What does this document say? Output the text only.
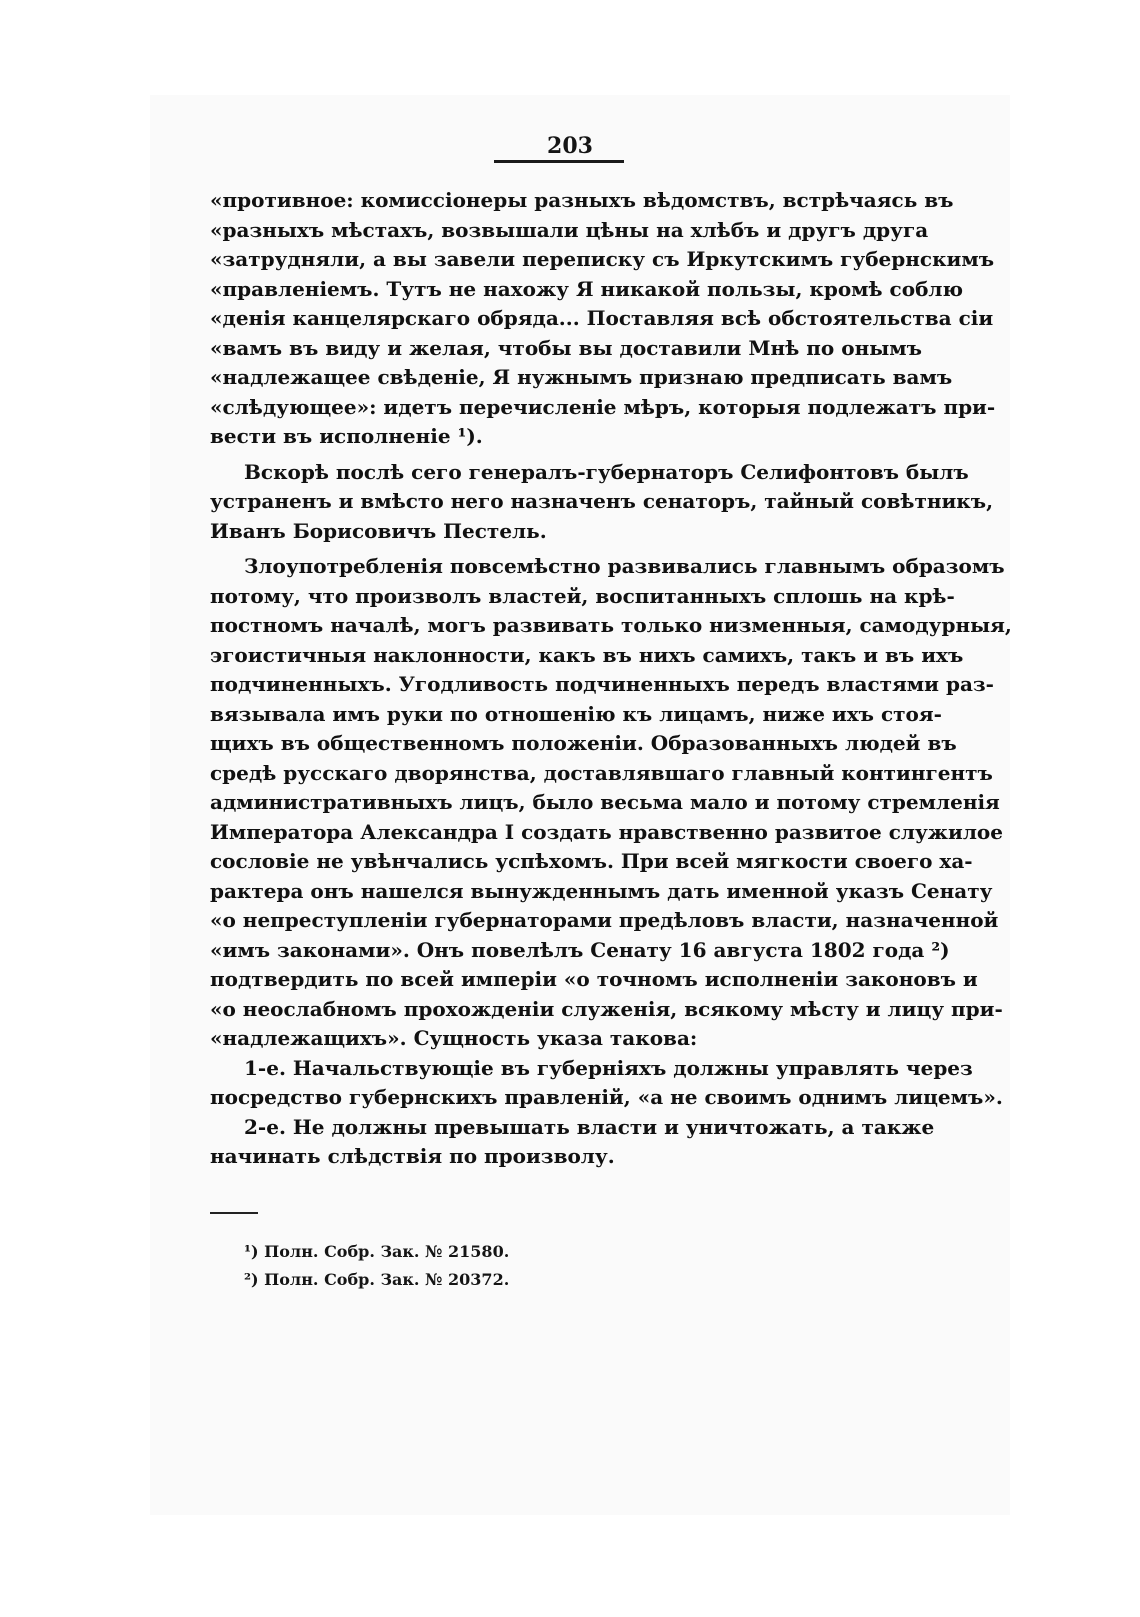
203
«противное: комиссіонеры разныхъ вѣдомствъ, встрѣчаясь въ
«разныхъ мѣстахъ, возвышали цѣны на хлѣбъ и другъ друга
«затрудняли, а вы завели переписку съ Иркутскимъ губернскимъ
«правленіемъ. Тутъ не нахожу Я никакой пользы, кромѣ соблю
«денія канцелярскаго обряда... Поставляя всѣ обстоятельства сіи
«вамъ въ виду и желая, чтобы вы доставили Мнѣ по онымъ
«надлежащее свѣденіе, Я нужнымъ признаю предписать вамъ
«слѣдующее»: идетъ перечисленіе мѣръ, которыя подлежатъ при-
вести въ исполненіе ¹).
Вскорѣ послѣ сего генералъ-губернаторъ Селифонтовъ былъ
устраненъ и вмѣсто него назначенъ сенаторъ, тайный совѣтникъ,
Иванъ Борисовичъ Пестель.
Злоупотребленія повсемѣстно развивались главнымъ образомъ
потому, что произволъ властей, воспитанныхъ сплошь на крѣ-
постномъ началѣ, могъ развивать только низменныя, самодурныя,
эгоистичныя наклонности, какъ въ нихъ самихъ, такъ и въ ихъ
подчиненныхъ. Угодливость подчиненныхъ передъ властями раз-
вязывала имъ руки по отношенію къ лицамъ, ниже ихъ стоя-
щихъ въ общественномъ положеніи. Образованныхъ людей въ
средѣ русскаго дворянства, доставлявшаго главный контингентъ
административныхъ лицъ, было весьма мало и потому стремленія
Императора Александра I создать нравственно развитое служилое
сословіе не увѣнчались успѣхомъ. При всей мягкости своего ха-
рактера онъ нашелся вынужденнымъ дать именной указъ Сенату
«о непреступленіи губернаторами предѣловъ власти, назначенной
«имъ законами». Онъ повелѣлъ Сенату 16 августа 1802 года ²)
подтвердить по всей имперіи «о точномъ исполненіи законовъ и
«о неослабномъ прохожденіи служенія, всякому мѣсту и лицу при-
«надлежащихъ». Сущность указа такова:
1-е. Начальствующіе въ губерніяхъ должны управлять через
посредство губернскихъ правленій, «а не своимъ однимъ лицемъ».
2-е. Не должны превышать власти и уничтожать, а также
начинать слѣдствія по произволу.
¹) Полн. Собр. Зак. № 21580.
²) Полн. Собр. Зак. № 20372.
